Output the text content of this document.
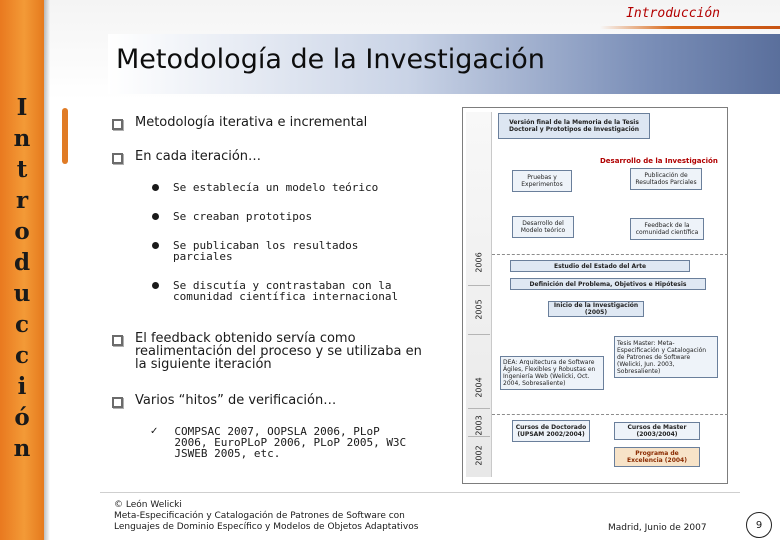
I
n
t
r
o
d
u
c
c
i
ó
n
Introducción
Metodología de la Investigación
Metodología iterativa e incremental
En cada iteración…
Se establecía un modelo teórico
Se creaban prototipos
Se publicaban los resultados parciales
Se discutía y contrastaban con la comunidad científica internacional
El feedback obtenido servía como realimentación del proceso y se utilizaba en la siguiente iteración
Varios “hitos” de verificación…
✓ COMPSAC 2007, OOPSLA 2006, PLoP 2006, EuroPLoP 2006, PLoP 2005, W3C JSWEB 2005, etc.
2006
2005
2004
2003
2002
Versión final de la Memoria de la Tesis Doctoral y Prototipos de Investigación
Desarrollo de la Investigación
Pruebas y Experimentos
Publicación de Resultados Parciales
Desarrollo del Modelo teórico
Feedback de la comunidad científica
Estudio del Estado del Arte
Definición del Problema, Objetivos e Hipótesis
Inicio de la Investigación (2005)
DEA: Arquitectura de Software Ágiles, Flexibles y Robustas en Ingeniería Web (Welicki, Oct. 2004, Sobresaliente)
Tesis Master: Meta-Especificación y Catalogación de Patrones de Software (Welicki, Jun. 2003, Sobresaliente)
Cursos de Doctorado (UPSAM 2002/2004)
Cursos de Master (2003/2004)
Programa de Excelencia (2004)
© León Welicki
Meta-Especificación y Catalogación de Patrones de Software con
Lenguajes de Dominio Específico y Modelos de Objetos Adaptativos	Madrid, Junio de 2007	9
